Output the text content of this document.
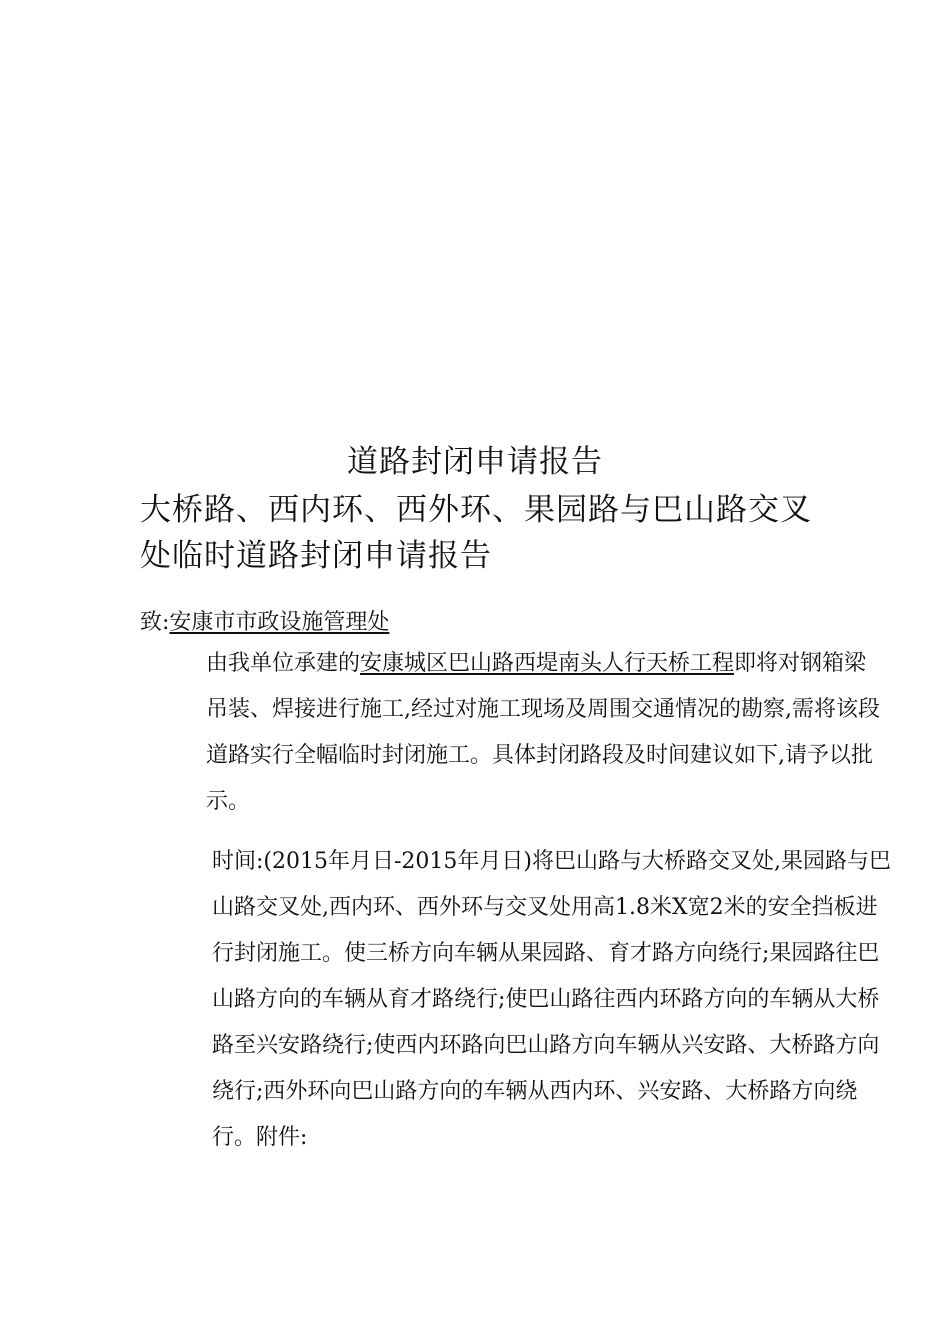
道路封闭申请报告
大桥路、西内环、西外环、果园路与巴山路交叉处临时道路封闭申请报告
致:安康市市政设施管理处
由我单位承建的安康城区巴山路西堤南头人行天桥工程即将对钢箱梁吊装、焊接进行施工,经过对施工现场及周围交通情况的勘察,需将该段道路实行全幅临时封闭施工。具体封闭路段及时间建议如下,请予以批示。
时间:(2015年月日-2015年月日)将巴山路与大桥路交叉处,果园路与巴山路交叉处,西内环、西外环与交叉处用高1.8米X宽2米的安全挡板进行封闭施工。使三桥方向车辆从果园路、育才路方向绕行;果园路往巴山路方向的车辆从育才路绕行;使巴山路往西内环路方向的车辆从大桥路至兴安路绕行;使西内环路向巴山路方向车辆从兴安路、大桥路方向绕行;西外环向巴山路方向的车辆从西内环、兴安路、大桥路方向绕行。附件:
